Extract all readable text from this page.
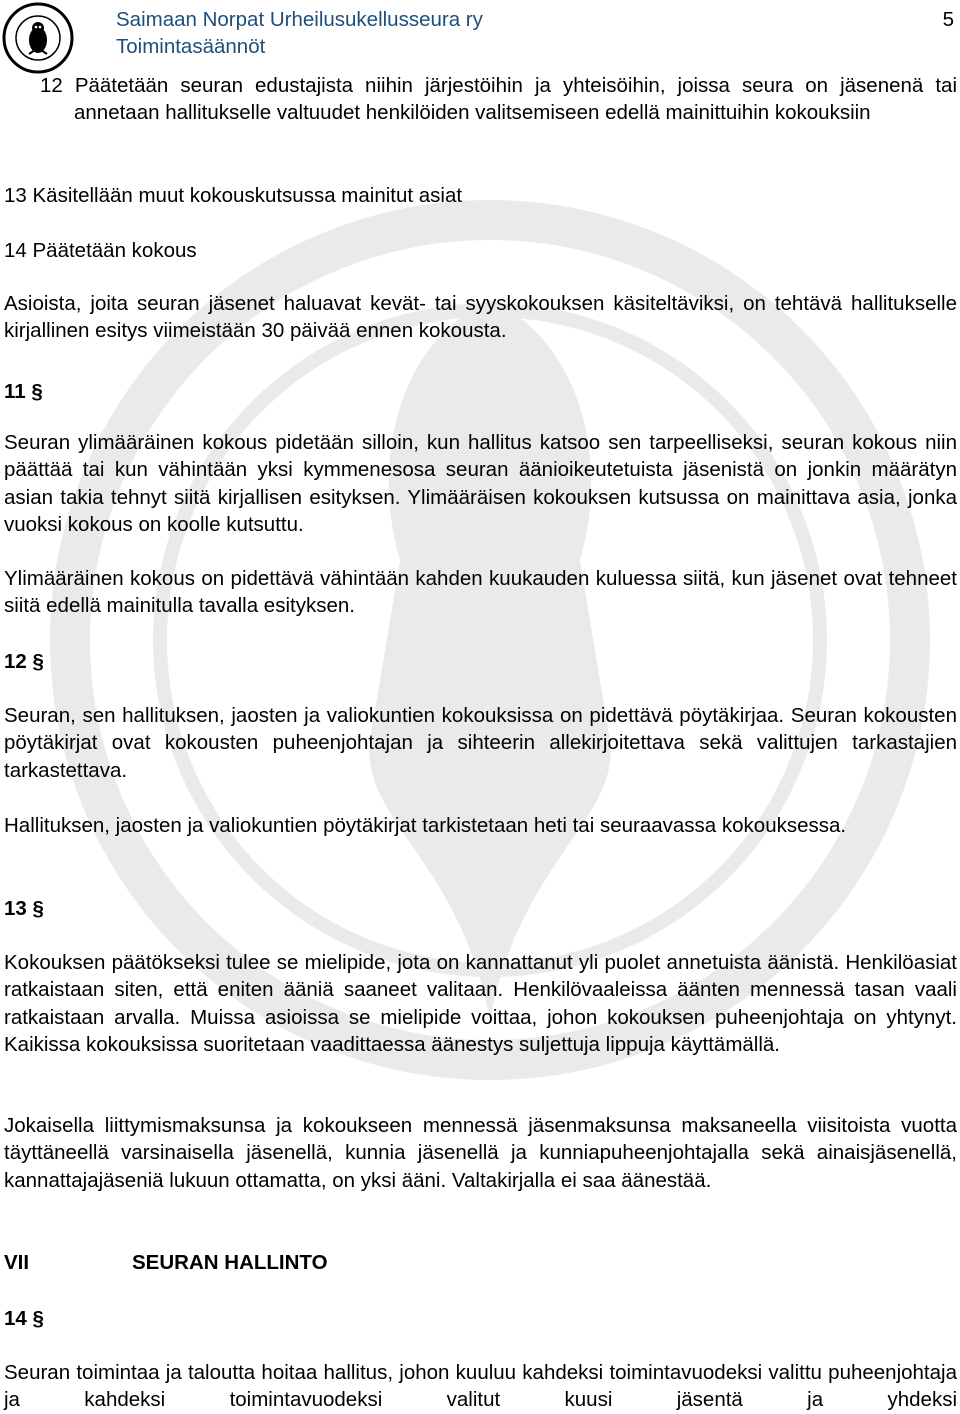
Saimaan Norpat Urheilusukellusseura ry
Toimintasäännöt
5

12 Päätetään seuran edustajista niihin järjestöihin ja yhteisöihin, joissa seura on jäsenenä tai annetaan hallitukselle valtuudet henkilöiden valitsemiseen edellä mainittuihin kokouksiin

13 Käsitellään muut kokouskutsussa mainitut asiat

14 Päätetään kokous

Asioista, joita seuran jäsenet haluavat kevät- tai syyskokouksen käsiteltäviksi, on tehtävä hallitukselle kirjallinen esitys viimeistään 30 päivää ennen kokousta.

11 §

Seuran ylimääräinen kokous pidetään silloin, kun hallitus katsoo sen tarpeelliseksi, seuran kokous niin päättää tai kun vähintään yksi kymmenesosa seuran äänioikeutetuista jäsenistä on jonkin määrätyn asian takia tehnyt siitä kirjallisen esityksen. Ylimääräisen kokouksen kutsussa on mainittava asia, jonka vuoksi kokous on koolle kutsuttu.

Ylimääräinen kokous on pidettävä vähintään kahden kuukauden kuluessa siitä, kun jäsenet ovat tehneet siitä edellä mainitulla tavalla esityksen.

12 §

Seuran, sen hallituksen, jaosten ja valiokuntien kokouksissa on pidettävä pöytäkirjaa. Seuran kokousten pöytäkirjat ovat kokousten puheenjohtajan ja sihteerin allekirjoitettava sekä valittujen tarkastajien tarkastettava.

Hallituksen, jaosten ja valiokuntien pöytäkirjat tarkistetaan heti tai seuraavassa kokouksessa.

13 §

Kokouksen päätökseksi tulee se mielipide, jota on kannattanut yli puolet annetuista äänistä. Henkilöasiat ratkaistaan siten, että eniten ääniä saaneet valitaan. Henkilövaaleissa äänten mennessä tasan vaali ratkaistaan arvalla. Muissa asioissa se mielipide voittaa, johon kokouksen puheenjohtaja on yhtynyt. Kaikissa kokouksissa suoritetaan vaadittaessa äänestys suljettuja lippuja käyttämällä.

Jokaisella liittymismaksunsa ja kokoukseen mennessä jäsenmaksunsa maksaneella viisitoista vuotta täyttäneellä varsinaisella jäsenellä, kunnia jäsenellä ja kunniapuheenjohtajalla sekä ainaisjäsenellä, kannattajajäseniä lukuun ottamatta, on yksi ääni. Valtakirjalla ei saa äänestää.

VII	SEURAN HALLINTO

14 §

Seuran toimintaa ja taloutta hoitaa hallitus, johon kuuluu kahdeksi toimintavuodeksi valittu puheenjohtaja ja kahdeksi toimintavuodeksi valitut kuusi jäsentä ja yhdeksi
